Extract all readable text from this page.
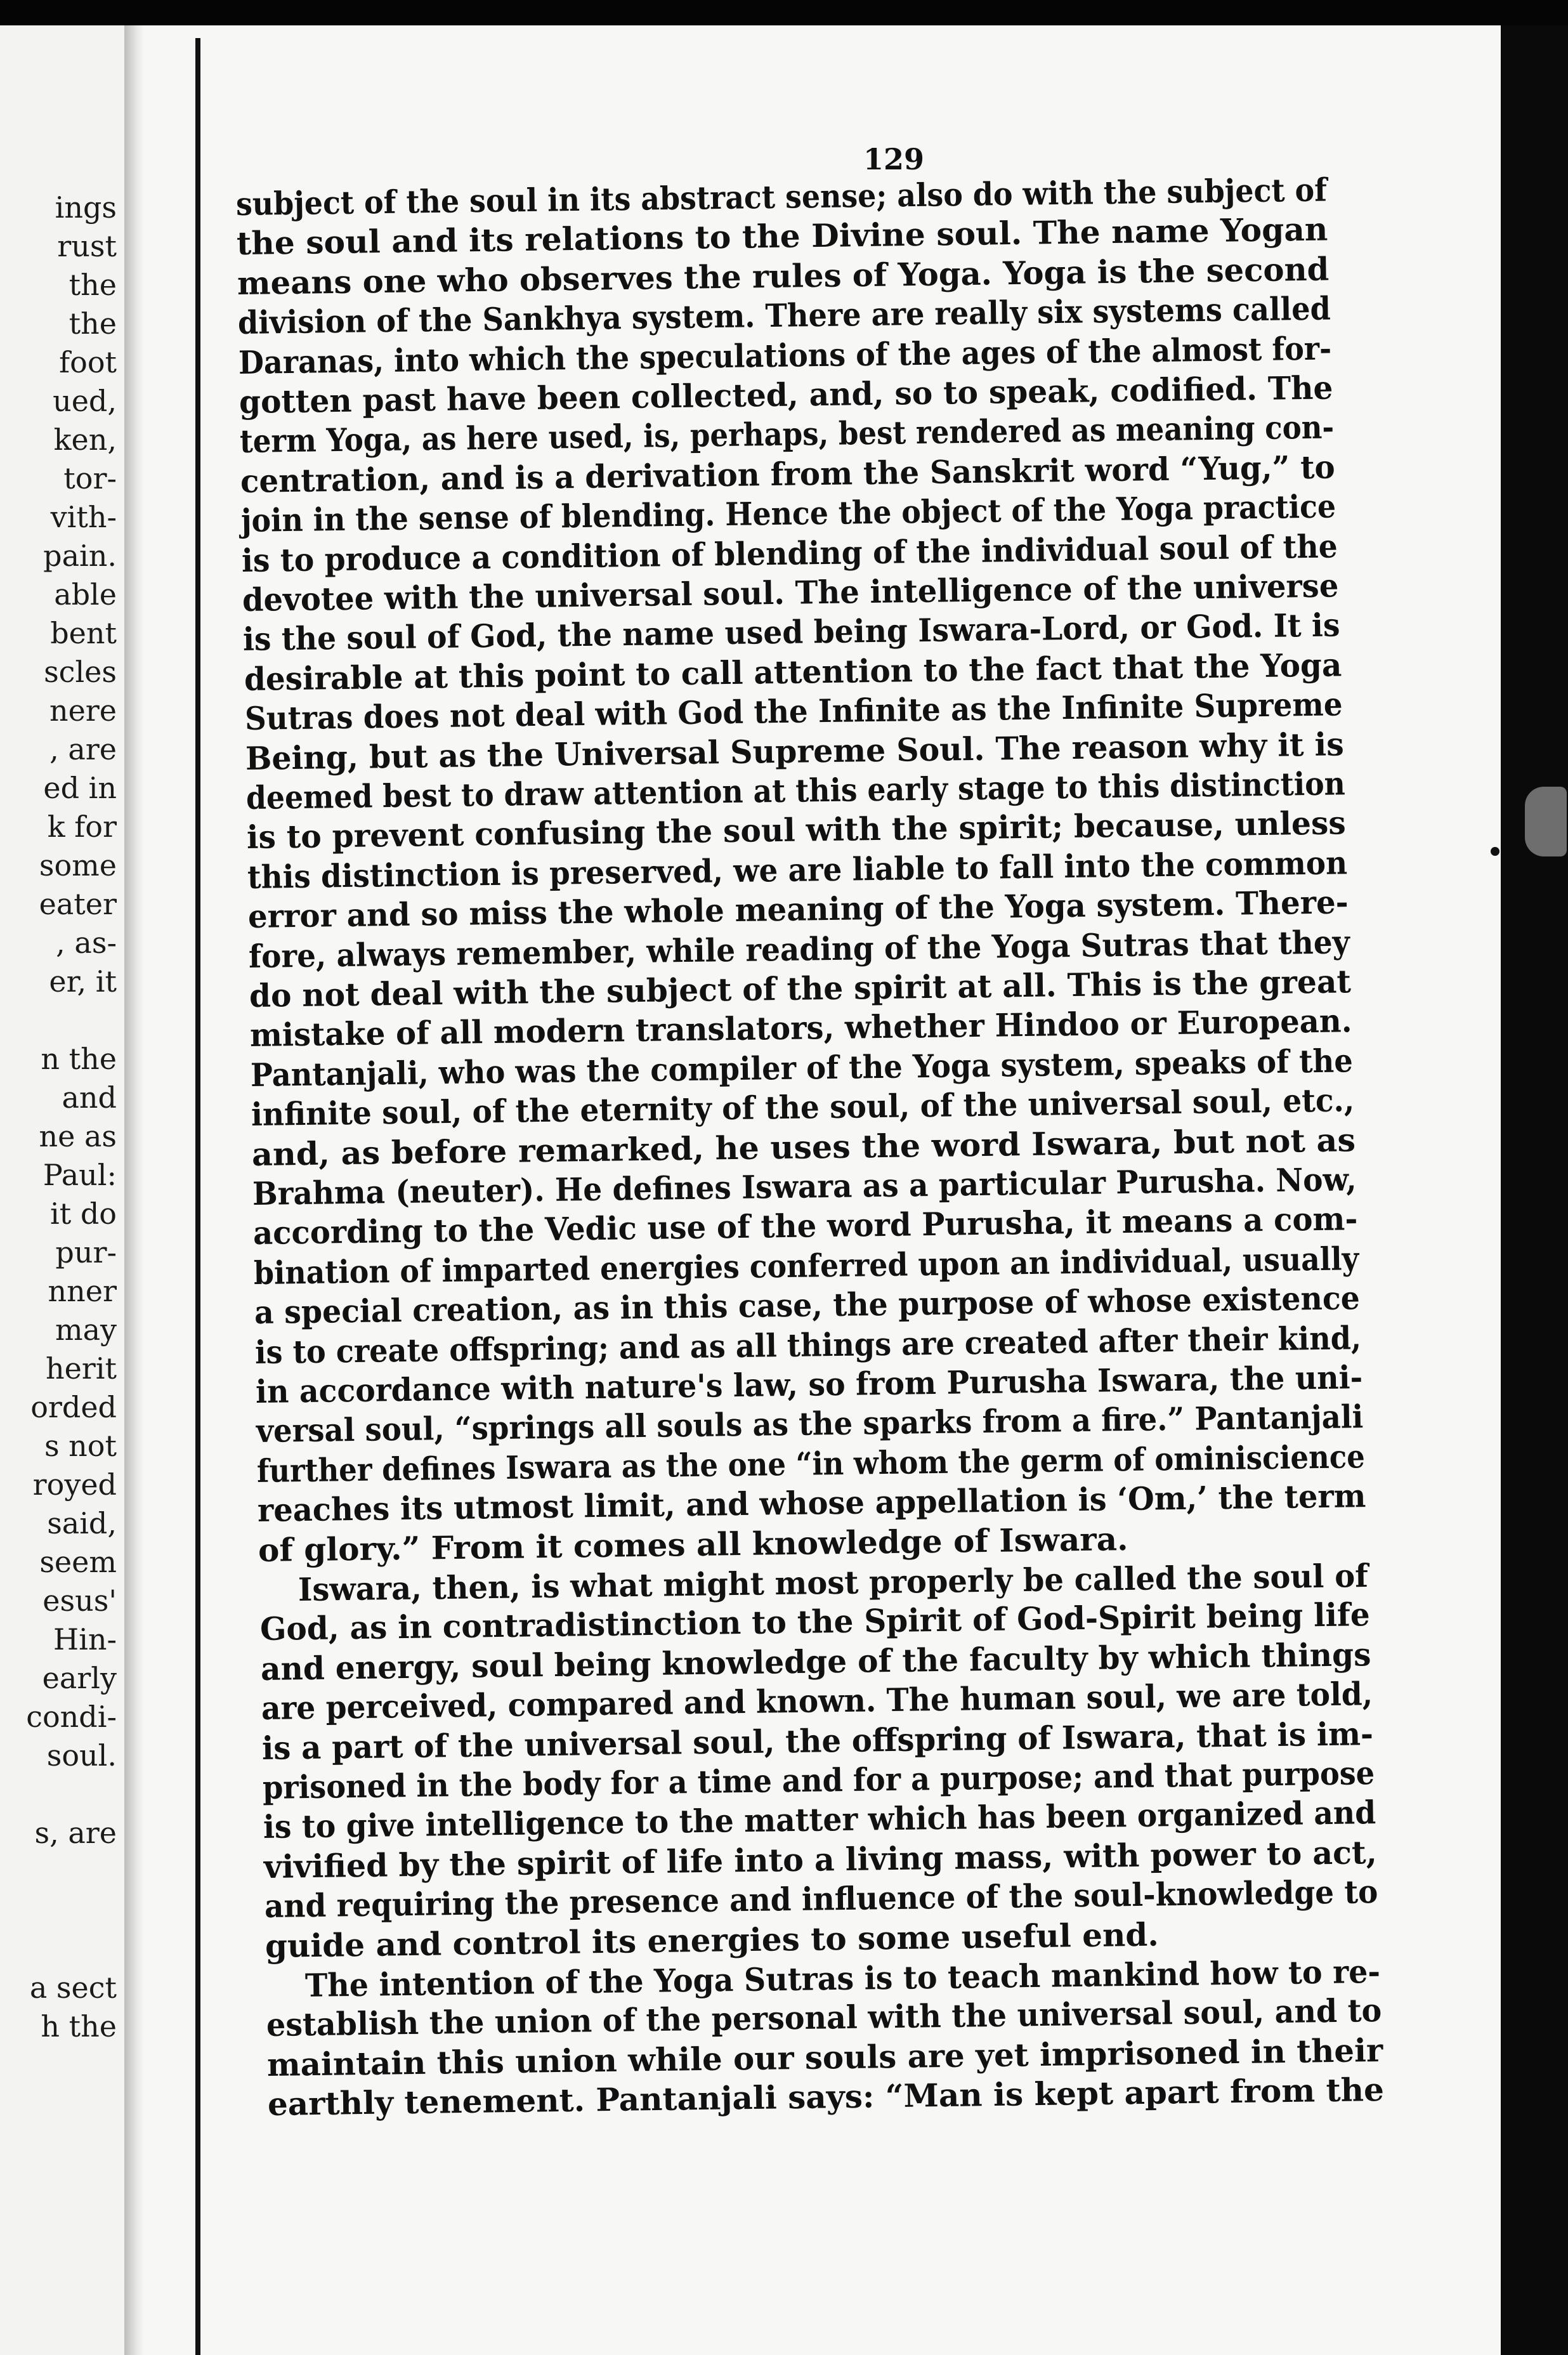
ings
rust
the
the
foot
ued,
ken,
tor-
vith-
pain.
able
bent
scles
nere
, are
ed in
k for
some
eater
, as-
er, it
n the
and
ne as
Paul:
it do
pur-
nner
may
herit
orded
s not
royed
said,
seem
esus'
Hin-
early
condi-
soul.
s, are
a sect
h the
129
subject of the soul in its abstract sense; also do with the subject of
the soul and its relations to the Divine soul. The name Yogan
means one who observes the rules of Yoga. Yoga is the second
division of the Sankhya system. There are really six systems called
Daranas, into which the speculations of the ages of the almost for-
gotten past have been collected, and, so to speak, codified. The
term Yoga, as here used, is, perhaps, best rendered as meaning con-
centration, and is a derivation from the Sanskrit word “Yug,” to
join in the sense of blending. Hence the object of the Yoga practice
is to produce a condition of blending of the individual soul of the
devotee with the universal soul. The intelligence of the universe
is the soul of God, the name used being Iswara-Lord, or God. It is
desirable at this point to call attention to the fact that the Yoga
Sutras does not deal with God the Infinite as the Infinite Supreme
Being, but as the Universal Supreme Soul. The reason why it is
deemed best to draw attention at this early stage to this distinction
is to prevent confusing the soul with the spirit; because, unless
this distinction is preserved, we are liable to fall into the common
error and so miss the whole meaning of the Yoga system. There-
fore, always remember, while reading of the Yoga Sutras that they
do not deal with the subject of the spirit at all. This is the great
mistake of all modern translators, whether Hindoo or European.
Pantanjali, who was the compiler of the Yoga system, speaks of the
infinite soul, of the eternity of the soul, of the universal soul, etc.,
and, as before remarked, he uses the word Iswara, but not as
Brahma (neuter). He defines Iswara as a particular Purusha. Now,
according to the Vedic use of the word Purusha, it means a com-
bination of imparted energies conferred upon an individual, usually
a special creation, as in this case, the purpose of whose existence
is to create offspring; and as all things are created after their kind,
in accordance with nature's law, so from Purusha Iswara, the uni-
versal soul, “springs all souls as the sparks from a fire.” Pantanjali
further defines Iswara as the one “in whom the germ of ominiscience
reaches its utmost limit, and whose appellation is ‘Om,’ the term
of glory.” From it comes all knowledge of Iswara.
Iswara, then, is what might most properly be called the soul of
God, as in contradistinction to the Spirit of God-Spirit being life
and energy, soul being knowledge of the faculty by which things
are perceived, compared and known. The human soul, we are told,
is a part of the universal soul, the offspring of Iswara, that is im-
prisoned in the body for a time and for a purpose; and that purpose
is to give intelligence to the matter which has been organized and
vivified by the spirit of life into a living mass, with power to act,
and requiring the presence and influence of the soul-knowledge to
guide and control its energies to some useful end.
The intention of the Yoga Sutras is to teach mankind how to re-
establish the union of the personal with the universal soul, and to
maintain this union while our souls are yet imprisoned in their
earthly tenement. Pantanjali says: “Man is kept apart from the
